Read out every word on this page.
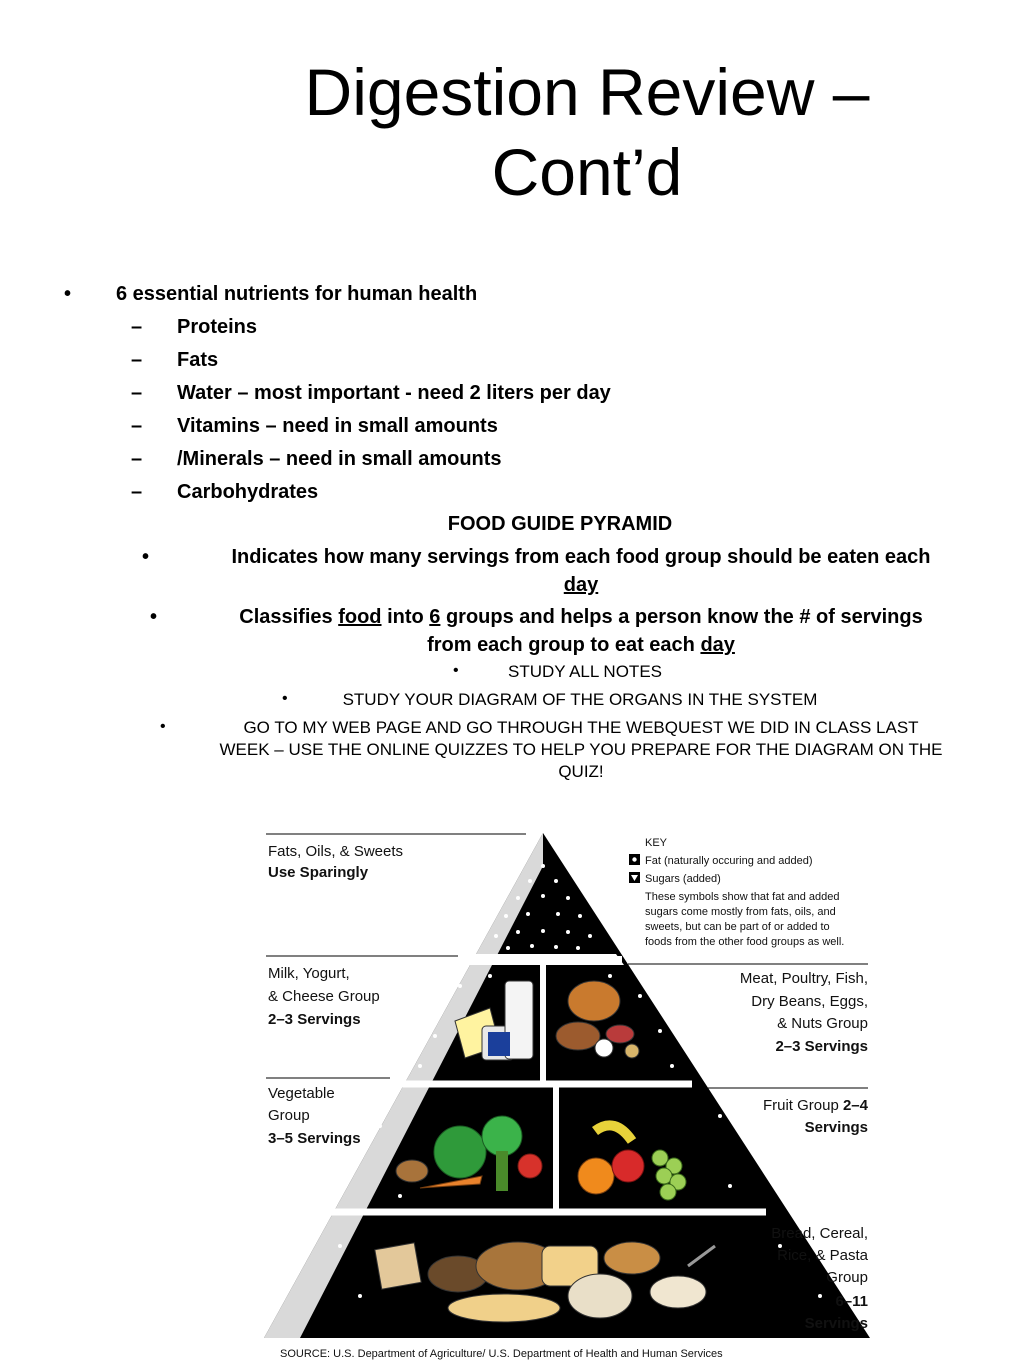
Digestion Review –
Cont’d
• 6 essential nutrients for human health
– Proteins
– Fats
– Water – most important - need 2 liters per day
– Vitamins – need in small amounts
– /Minerals – need in small amounts
– Carbohydrates
FOOD GUIDE PYRAMID
•	Indicates how many servings from each food group should be eaten each
day
•	Classifies food into 6 groups and helps a person know the # of servings
from each group to eat each day
•	STUDY ALL NOTES
•	STUDY YOUR DIAGRAM OF THE ORGANS IN THE SYSTEM
•	GO TO MY WEB PAGE AND GO THROUGH THE WEBQUEST WE DID IN CLASS LAST
WEEK – USE THE ONLINE QUIZZES TO HELP YOU PREPARE FOR THE DIAGRAM ON THE
QUIZ!
Fats, Oils, & Sweets
Use Sparingly
Milk, Yogurt,
& Cheese Group
2–3 Servings
Meat, Poultry, Fish,
Dry Beans, Eggs,
& Nuts Group
2–3 Servings
Vegetable
Group
3–5 Servings
Fruit Group 2–4
Servings
Bread, Cereal,
Rice, & Pasta
Group
6–11
Servings
KEY
Fat (naturally occuring and added)
Sugars (added)
These symbols show that fat and added
sugars come mostly from fats, oils, and
sweets, but can be part of or added to
foods from the other food groups as well.
SOURCE: U.S. Department of Agriculture/ U.S. Department of Health and Human Services
